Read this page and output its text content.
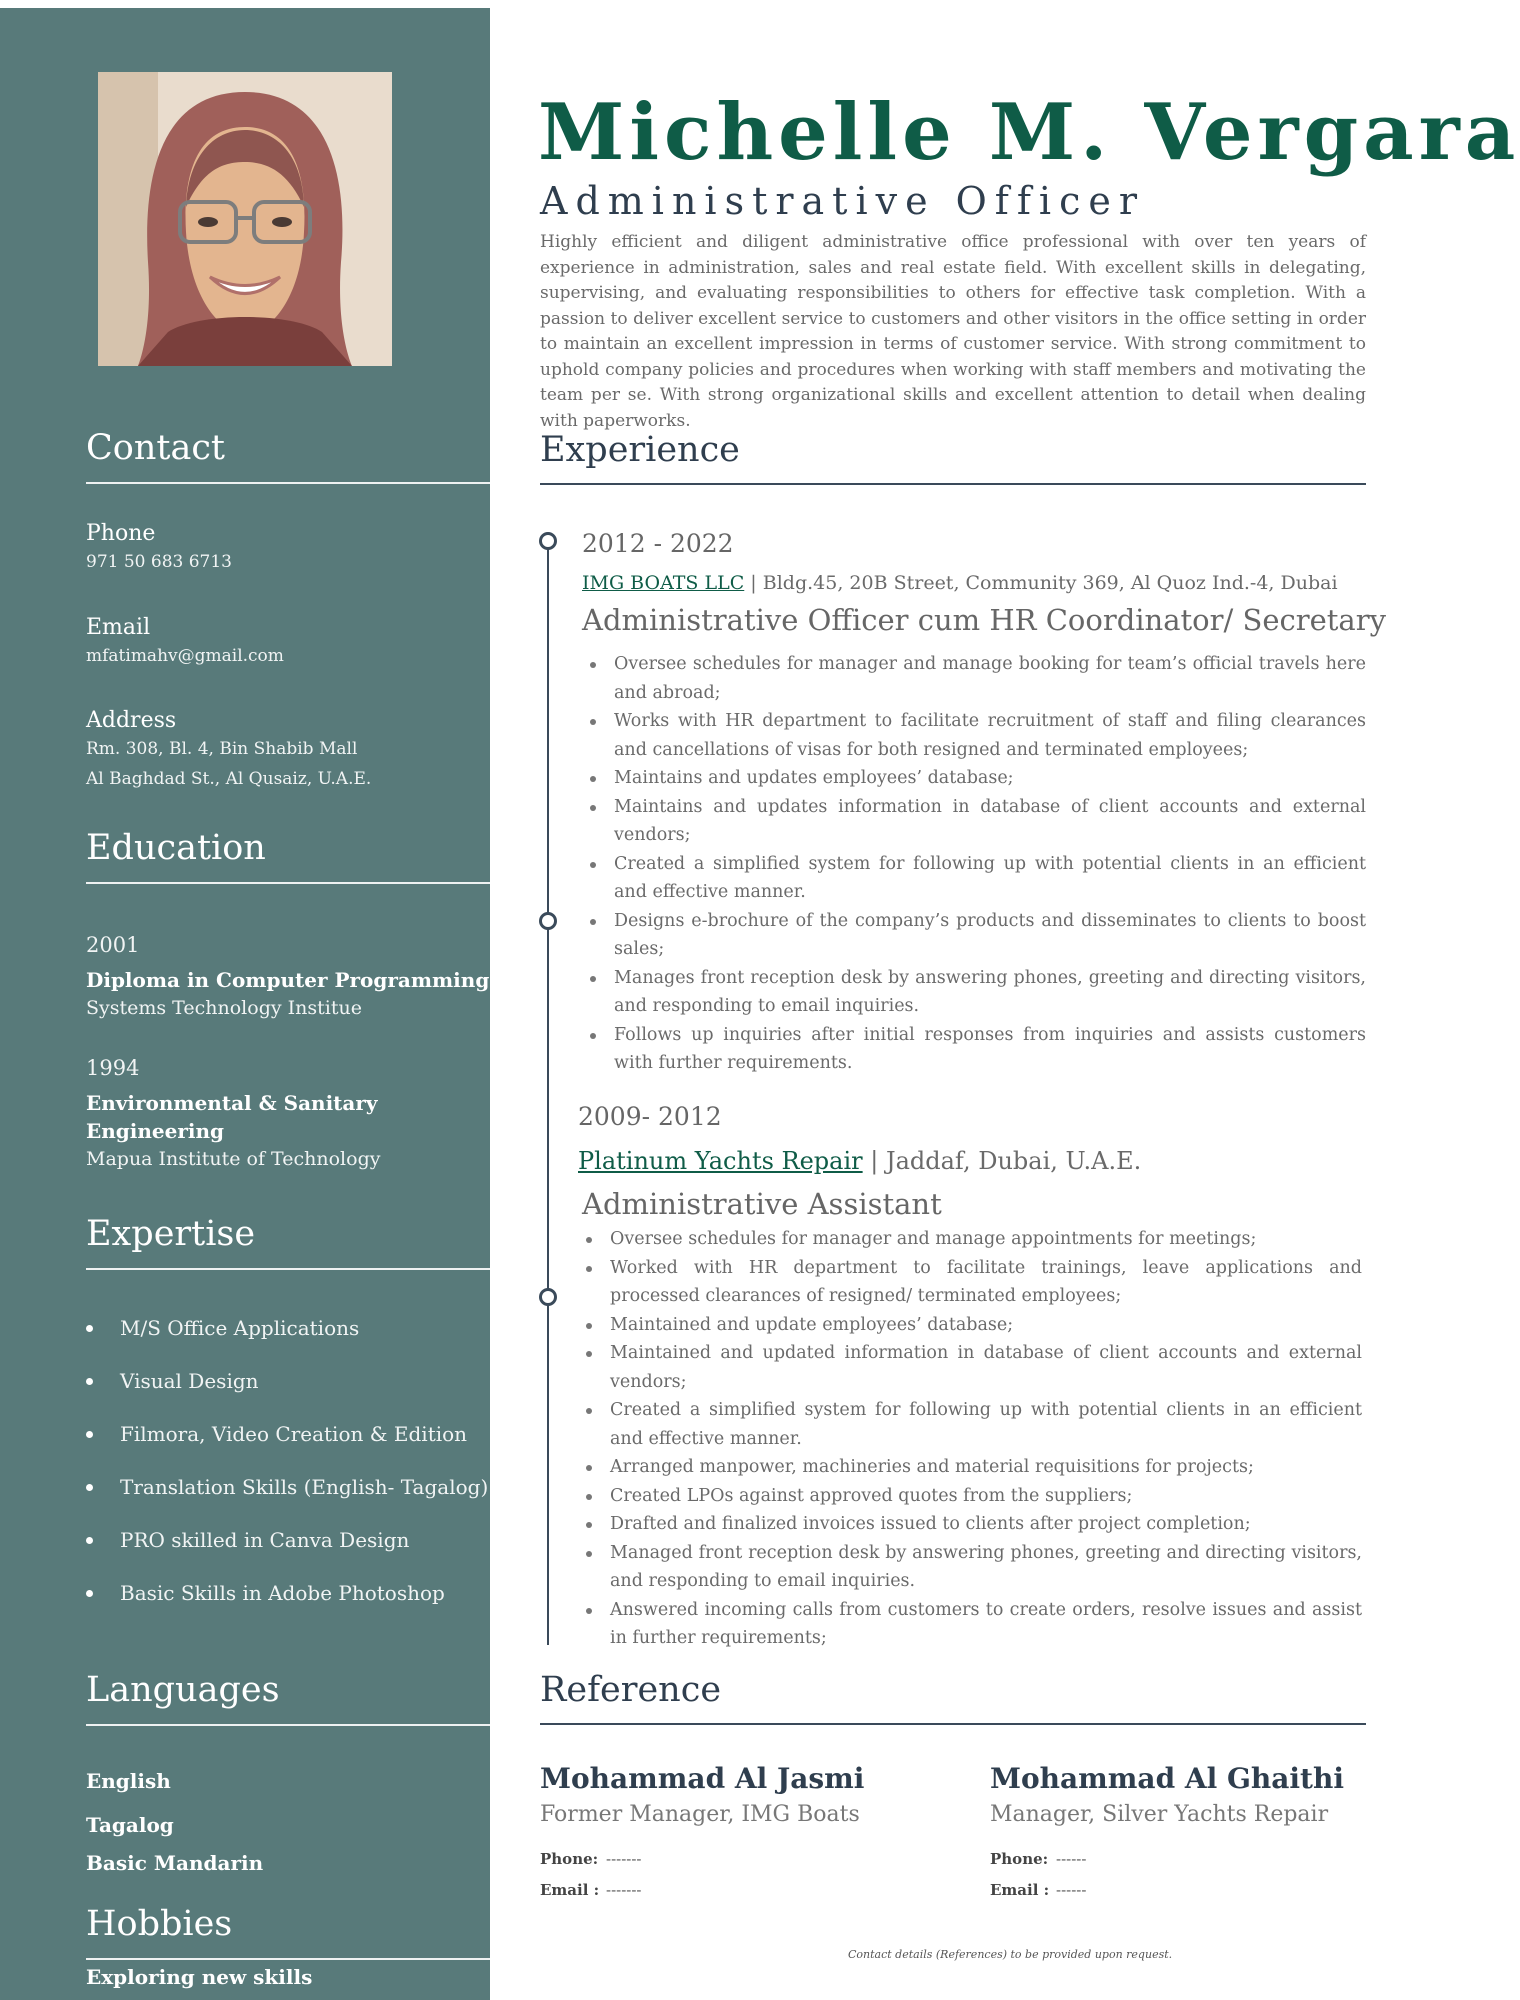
Contact
Phone
971 50 683 6713
Email
mfatimahv@gmail.com
Address
Rm. 308, Bl. 4, Bin Shabib Mall
Al Baghdad St., Al Qusaiz, U.A.E.
Education
2001
Diploma in Computer Programming
Systems Technology Institue
1994
Environmental & Sanitary Engineering
Mapua Institute of Technology
Expertise
M/S Office Applications
Visual Design
Filmora, Video Creation & Edition
Translation Skills (English- Tagalog)
PRO skilled in Canva Design
Basic Skills in Adobe Photoshop
Languages
English
Tagalog
Basic Mandarin
Hobbies
Exploring new skills
Michelle M. Vergara
Administrative Officer
Highly efficient and diligent administrative office professional with over ten years of experience in administration, sales and real estate field. With excellent skills in delegating, supervising, and evaluating responsibilities to others for effective task completion. With a passion to deliver excellent service to customers and other visitors in the office setting in order to maintain an excellent impression in terms of customer service. With strong commitment to uphold company policies and procedures when working with staff members and motivating the team per se. With strong organizational skills and excellent attention to detail when dealing with paperworks.
Experience
2012 - 2022
IMG BOATS LLC | Bldg.45, 20B Street, Community 369, Al Quoz Ind.-4, Dubai
Administrative Officer cum HR Coordinator/ Secretary
Oversee schedules for manager and manage booking for team’s official travels here and abroad;
Works with HR department to facilitate recruitment of staff and filing clearances and cancellations of visas for both resigned and terminated employees;
Maintains and updates employees’ database;
Maintains and updates information in database of client accounts and external vendors;
Created a simplified system for following up with potential clients in an efficient and effective manner.
Designs e-brochure of the company’s products and disseminates to clients to boost sales;
Manages front reception desk by answering phones, greeting and directing visitors, and responding to email inquiries.
Follows up inquiries after initial responses from inquiries and assists customers with further requirements.
2009- 2012
Platinum Yachts Repair | Jaddaf, Dubai, U.A.E.
Administrative Assistant
Oversee schedules for manager and manage appointments for meetings;
Worked with HR department to facilitate trainings, leave applications and processed clearances of resigned/ terminated employees;
Maintained and update employees’ database;
Maintained and updated information in database of client accounts and external vendors;
Created a simplified system for following up with potential clients in an efficient and effective manner.
Arranged manpower, machineries and material requisitions for projects;
Created LPOs against approved quotes from the suppliers;
Drafted and finalized invoices issued to clients after project completion;
Managed front reception desk by answering phones, greeting and directing visitors, and responding to email inquiries.
Answered incoming calls from customers to create orders, resolve issues and assist in further requirements;
Reference
Mohammad Al Jasmi
Former Manager, IMG Boats
Phone: -------
Email : -------
Mohammad Al Ghaithi
Manager, Silver Yachts Repair
Phone: ------
Email : ------
Contact details (References) to be provided upon request.
